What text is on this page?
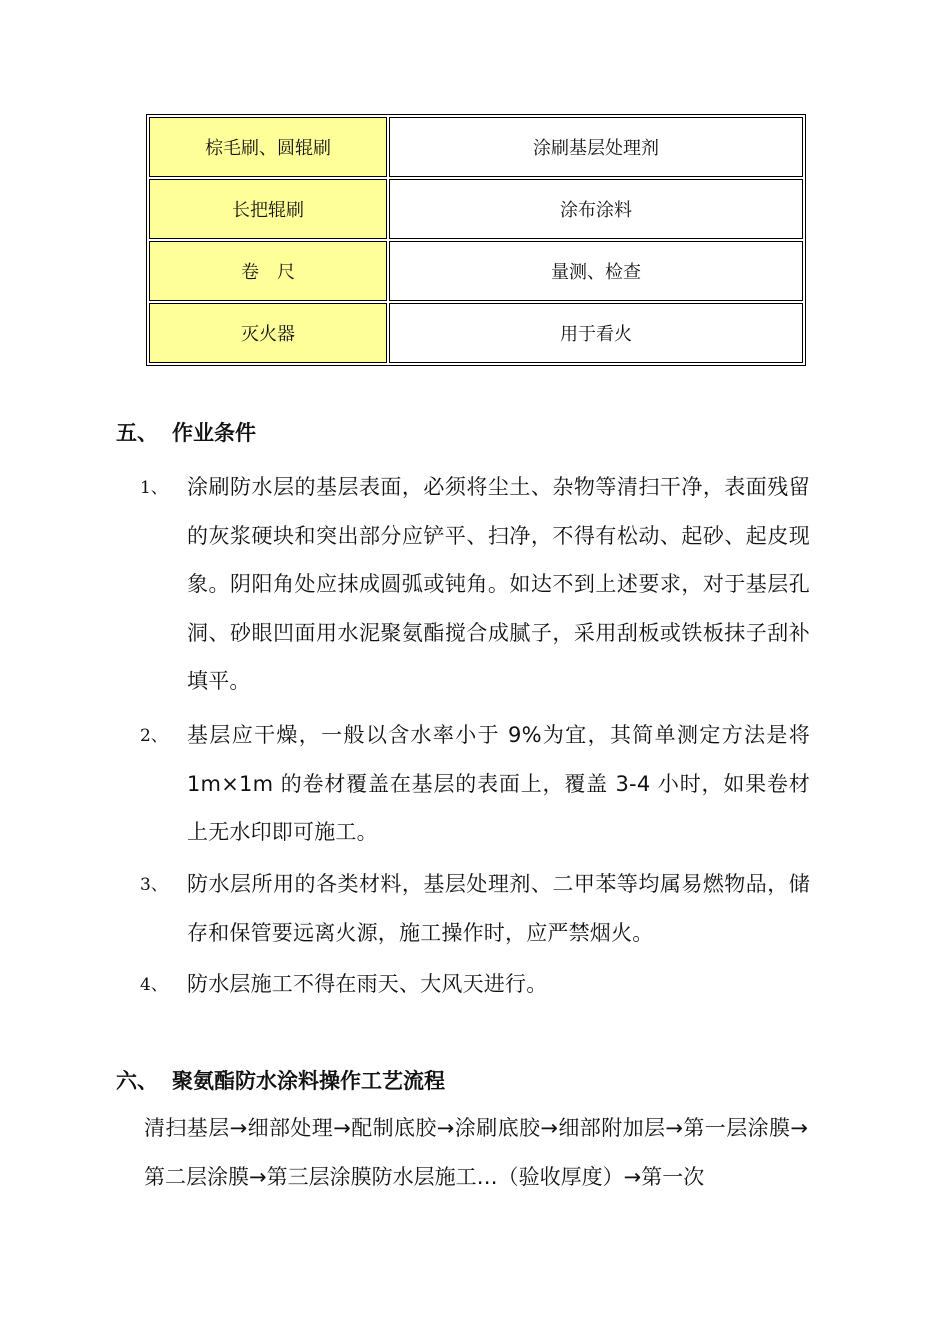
棕毛刷、圆辊刷	涂刷基层处理剂
长把辊刷	涂布涂料
卷　尺	量测、检查
灭火器	用于看火
五、 作业条件
1、 涂刷防水层的基层表面，必须将尘土、杂物等清扫干净，表面残留的灰浆硬块和突出部分应铲平、扫净，不得有松动、起砂、起皮现象。阴阳角处应抹成圆弧或钝角。如达不到上述要求，对于基层孔洞、砂眼凹面用水泥聚氨酯搅合成腻子，采用刮板或铁板抹子刮补填平。
2、 基层应干燥，一般以含水率小于 9%为宜，其简单测定方法是将 1m×1m 的卷材覆盖在基层的表面上，覆盖 3-4 小时，如果卷材上无水印即可施工。
3、 防水层所用的各类材料，基层处理剂、二甲苯等均属易燃物品，储存和保管要远离火源，施工操作时，应严禁烟火。
4、 防水层施工不得在雨天、大风天进行。
六、 聚氨酯防水涂料操作工艺流程

清扫基层→细部处理→配制底胶→涂刷底胶→细部附加层→第一层涂膜→第二层涂膜→第三层涂膜防水层施工…（验收厚度）→第一次
